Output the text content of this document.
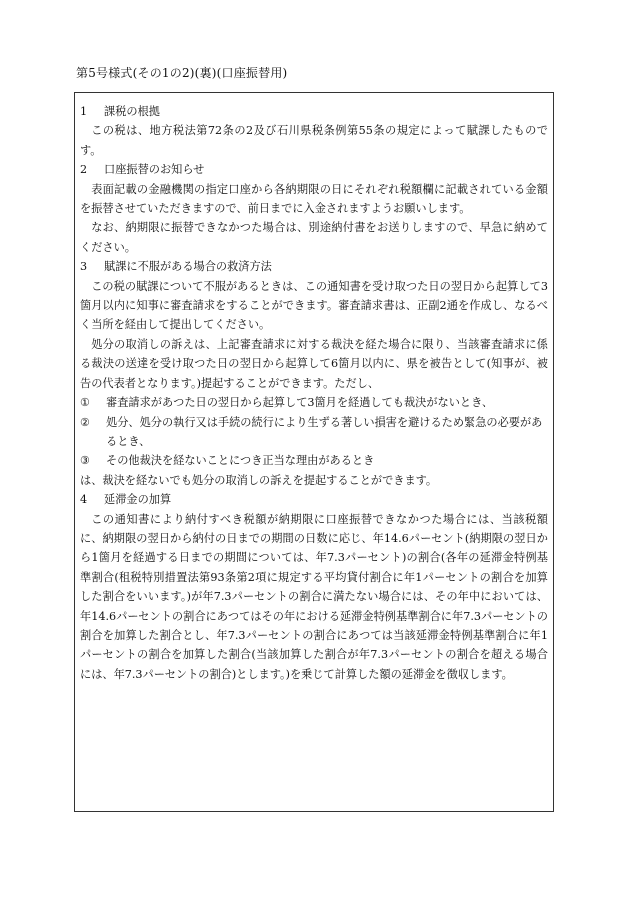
第5号様式(その1の2)(裏)(口座振替用)

1 課税の根拠

この税は、地方税法第72条の2及び石川県税条例第55条の規定によって賦課したものです。

2 口座振替のお知らせ

表面記載の金融機関の指定口座から各納期限の日にそれぞれ税額欄に記載されている金額を振替させていただきますので、前日までに入金されますようお願いします。

なお、納期限に振替できなかつた場合は、別途納付書をお送りしますので、早急に納めてください。

3 賦課に不服がある場合の救済方法

この税の賦課について不服があるときは、この通知書を受け取つた日の翌日から起算して3箇月以内に知事に審査請求をすることができます。審査請求書は、正副2通を作成し、なるべく当所を経由して提出してください。

処分の取消しの訴えは、上記審査請求に対する裁決を経た場合に限り、当該審査請求に係る裁決の送達を受け取つた日の翌日から起算して6箇月以内に、県を被告として(知事が、被告の代表者となります。)提起することができます。ただし、

①	審査請求があつた日の翌日から起算して3箇月を経過しても裁決がないとき、
②	処分、処分の執行又は手続の続行により生ずる著しい損害を避けるため緊急の必要があるとき、
③	その他裁決を経ないことにつき正当な理由があるとき

は、裁決を経ないでも処分の取消しの訴えを提起することができます。

4 延滞金の加算

この通知書により納付すべき税額が納期限に口座振替できなかつた場合には、当該税額に、納期限の翌日から納付の日までの期間の日数に応じ、年14.6パーセント(納期限の翌日から1箇月を経過する日までの期間については、年7.3パーセント)の割合(各年の延滞金特例基準割合(租税特別措置法第93条第2項に規定する平均貸付割合に年1パーセントの割合を加算した割合をいいます。)が年7.3パーセントの割合に満たない場合には、その年中においては、年14.6パーセントの割合にあつてはその年における延滞金特例基準割合に年7.3パーセントの割合を加算した割合とし、年7.3パーセントの割合にあつては当該延滞金特例基準割合に年1パーセントの割合を加算した割合(当該加算した割合が年7.3パーセントの割合を超える場合には、年7.3パーセントの割合)とします。)を乗じて計算した額の延滞金を徴収します。
